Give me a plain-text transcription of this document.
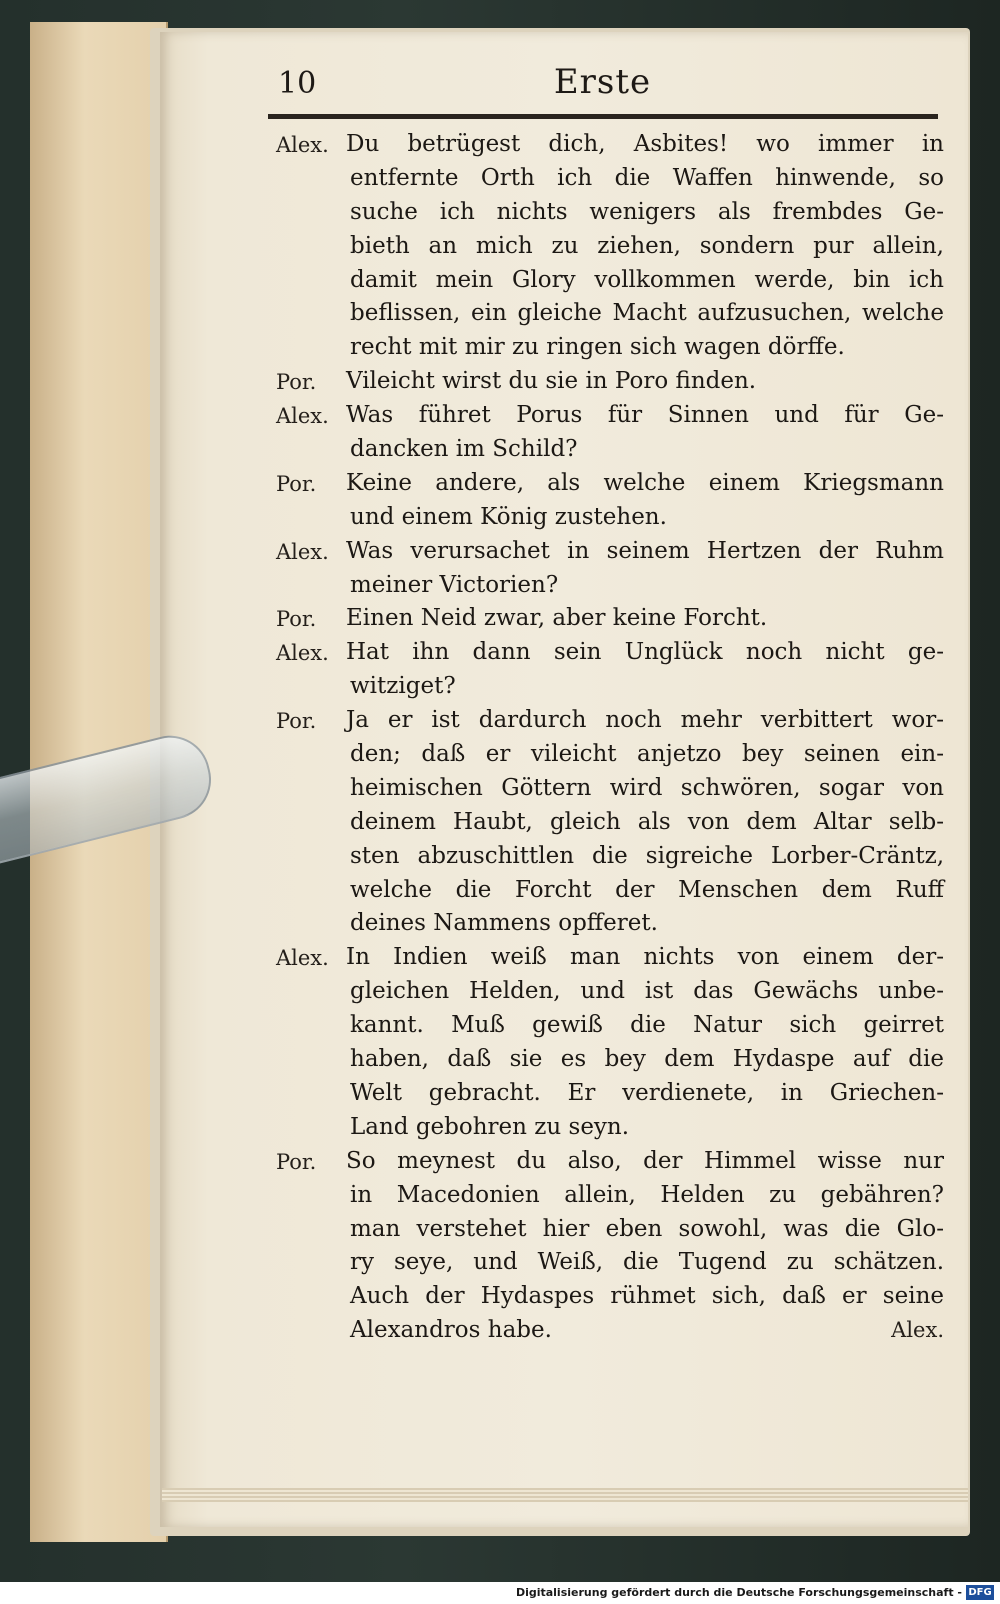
10	Erste
Alex. Du betrügest dich, Asbites! wo immer in
entfernte Orth ich die Waffen hinwende, so
suche ich nichts wenigers als frembdes Ge-
bieth an mich zu ziehen, sondern pur allein,
damit mein Glory vollkommen werde, bin ich
beflissen, ein gleiche Macht aufzusuchen, welche
recht mit mir zu ringen sich wagen dörffe.
Por.	Vileicht wirst du sie in Poro finden.
Alex. Was führet Porus für Sinnen und für Ge-
dancken im Schild?
Por.	Keine andere, als welche einem Kriegsmann
und einem König zustehen.
Alex. Was verursachet in seinem Hertzen der Ruhm
meiner Victorien?
Por.	Einen Neid zwar, aber keine Forcht.
Alex. Hat ihn dann sein Unglück noch nicht ge-
witziget?
Por.	Ja er ist dardurch noch mehr verbittert wor-
den; daß er vileicht anjetzo bey seinen ein-
heimischen Göttern wird schwören, sogar von
deinem Haubt, gleich als von dem Altar selb-
sten abzuschittlen die sigreiche Lorber-Cräntz,
welche die Forcht der Menschen dem Ruff
deines Nammens opfferet.
Alex. In Indien weiß man nichts von einem der-
gleichen Helden, und ist das Gewächs unbe-
kannt. Muß gewiß die Natur sich geirret
haben, daß sie es bey dem Hydaspe auf die
Welt gebracht. Er verdienete, in Griechen-
Land gebohren zu seyn.
Por.	So meynest du also, der Himmel wisse nur
in Macedonien allein, Helden zu gebähren?
man verstehet hier eben sowohl, was die Glo-
ry seye, und Weiß, die Tugend zu schätzen.
Auch der Hydaspes rühmet sich, daß er seine
Alexandros habe.	Alex.
Digitalisierung gefördert durch die Deutsche Forschungsgemeinschaft - DFG
